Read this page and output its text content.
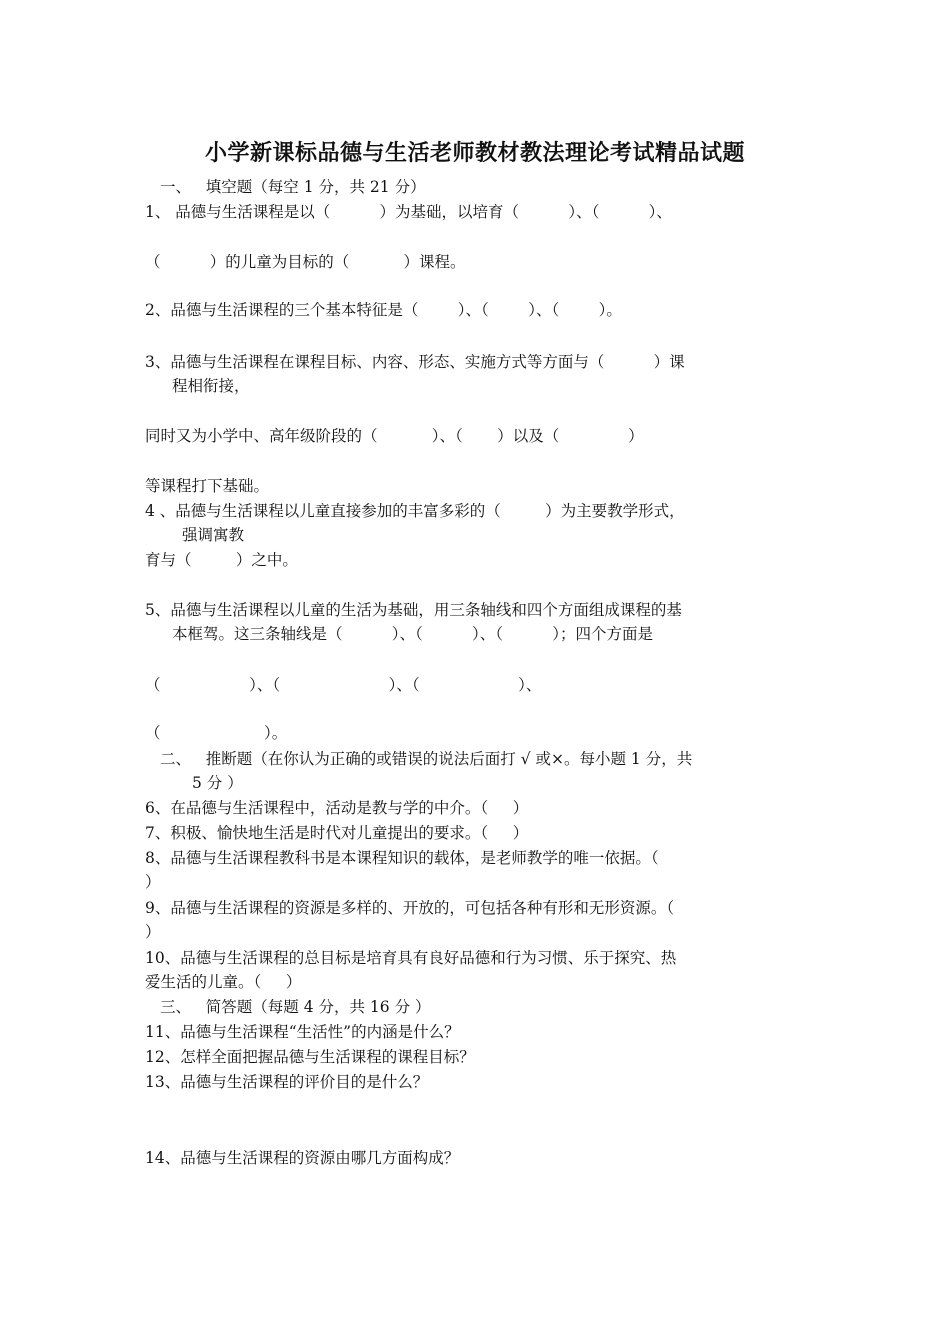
小学新课标品德与生活老师教材教法理论考试精品试题
一、   填空题（每空 1 分，共 21 分）
1、 品德与生活课程是以（          ）为基础，以培育（          ）、（          ）、
（          ）的儿童为目标的（           ）课程。
2、品德与生活课程的三个基本特征是（        ）、（        ）、（        ）。
3、品德与生活课程在课程目标、内容、形态、实施方式等方面与（          ）课
程相衔接，
同时又为小学中、高年级阶段的（           ）、（       ）以及（              ）
等课程打下基础。
4 、品德与生活课程以儿童直接参加的丰富多彩的（         ）为主要教学形式，
强调寓教
育与（         ）之中。
5、品德与生活课程以儿童的生活为基础，用三条轴线和四个方面组成课程的基
本框驾。这三条轴线是（          ）、（          ）、（          ）；四个方面是
（                  ）、（                      ）、（                    ）、
（                     ）。
二、   推断题（在你认为正确的或错误的说法后面打 √ 或×。每小题 1 分，共
5 分 ）
6、在品德与生活课程中，活动是教与学的中介。（     ）
7、积极、愉快地生活是时代对儿童提出的要求。（     ）
8、品德与生活课程教科书是本课程知识的载体，是老师教学的唯一依据。（
）
9、品德与生活课程的资源是多样的、开放的，可包括各种有形和无形资源。（
）
10、品德与生活课程的总目标是培育具有良好品德和行为习惯、乐于探究、热
爱生活的儿童。（     ）
三、   简答题（每题 4 分，共 16 分 ）
11、品德与生活课程“生活性”的内涵是什么？
12、怎样全面把握品德与生活课程的课程目标？
13、品德与生活课程的评价目的是什么？
14、品德与生活课程的资源由哪几方面构成？
